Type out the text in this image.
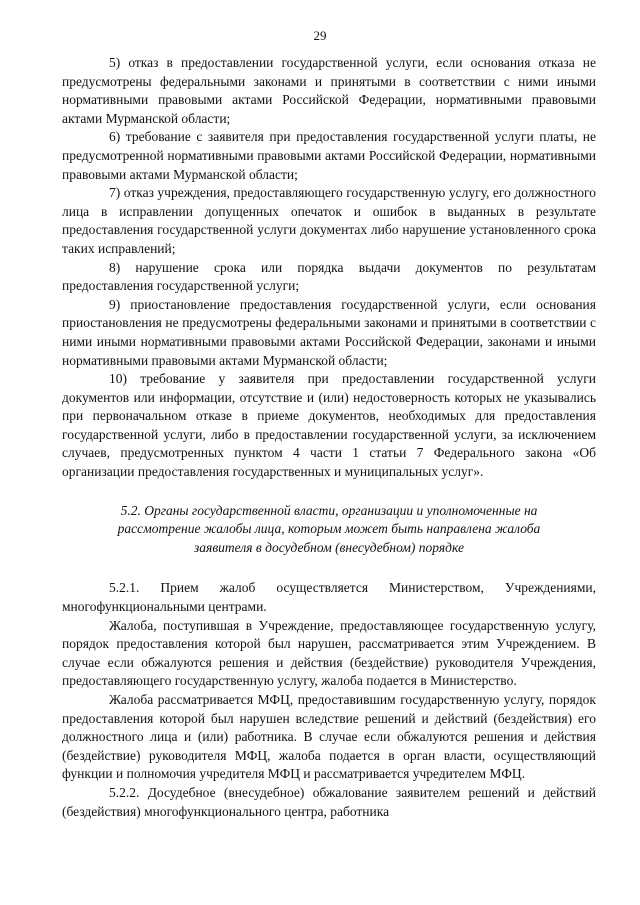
29

5) отказ в предоставлении государственной услуги, если основания отказа не предусмотрены федеральными законами и принятыми в соответствии с ними иными нормативными правовыми актами Российской Федерации, нормативными правовыми актами Мурманской области;

6) требование с заявителя при предоставления государственной услуги платы, не предусмотренной нормативными правовыми актами Российской Федерации, нормативными правовыми актами Мурманской области;

7) отказ учреждения, предоставляющего государственную услугу, его должностного лица в исправлении допущенных опечаток и ошибок в выданных в результате предоставления государственной услуги документах либо нарушение установленного срока таких исправлений;

8) нарушение срока или порядка выдачи документов по результатам предоставления государственной услуги;

9) приостановление предоставления государственной услуги, если основания приостановления не предусмотрены федеральными законами и принятыми в соответствии с ними иными нормативными правовыми актами Российской Федерации, законами и иными нормативными правовыми актами Мурманской области;

10) требование у заявителя при предоставлении государственной услуги документов или информации, отсутствие и (или) недостоверность которых не указывались при первоначальном отказе в приеме документов, необходимых для предоставления государственной услуги, либо в предоставлении государственной услуги, за исключением случаев, предусмотренных пунктом 4 части 1 статьи 7 Федерального закона «Об организации предоставления государственных и муниципальных услуг».

5.2. Органы государственной власти, организации и уполномоченные на рассмотрение жалобы лица, которым может быть направлена жалоба заявителя в досудебном (внесудебном) порядке

5.2.1. Прием жалоб осуществляется Министерством, Учреждениями, многофункциональными центрами.

Жалоба, поступившая в Учреждение, предоставляющее государственную услугу, порядок предоставления которой был нарушен, рассматривается этим Учреждением. В случае если обжалуются решения и действия (бездействие) руководителя Учреждения, предоставляющего государственную услугу, жалоба подается в Министерство.

Жалоба рассматривается МФЦ, предоставившим государственную услугу, порядок предоставления которой был нарушен вследствие решений и действий (бездействия) его должностного лица и (или) работника. В случае если обжалуются решения и действия (бездействие) руководителя МФЦ, жалоба подается в орган власти, осуществляющий функции и полномочия учредителя МФЦ и рассматривается учредителем МФЦ.

5.2.2. Досудебное (внесудебное) обжалование заявителем решений и действий (бездействия) многофункционального центра, работника
